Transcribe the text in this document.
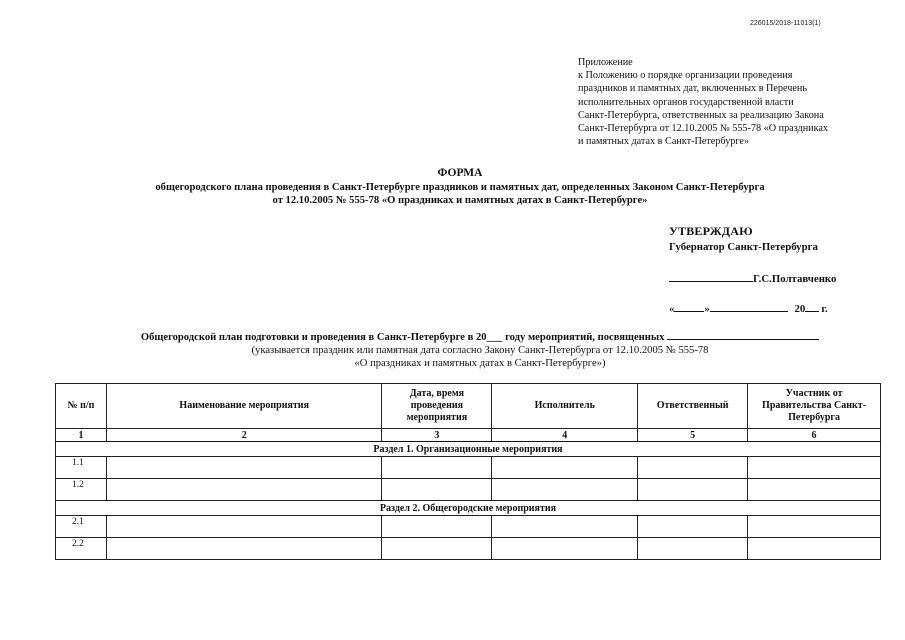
226015/2018-11013(1)
Приложение
к Положению о порядке организации проведения
праздников и памятных дат, включенных в Перечень
исполнительных органов государственной власти
Санкт-Петербурга, ответственных за реализацию Закона
Санкт-Петербурга от 12.10.2005 № 555-78 «О праздниках
и памятных датах в Санкт-Петербурге»
ФОРМА
общегородского плана проведения в Санкт-Петербурге праздников и памятных дат, определенных Законом Санкт-Петербурга
от 12.10.2005 № 555-78 «О праздниках и памятных датах в Санкт-Петербурге»
УТВЕРЖДАЮ
Губернатор Санкт-Петербурга
Г.С.Полтавченко
«	»	20 г.
Общегородской план подготовки и проведения в Санкт-Петербурге в 20___ году мероприятий, посвященных
(указывается праздник или памятная дата согласно Закону Санкт-Петербурга от 12.10.2005 № 555-78
«О праздниках и памятных датах в Санкт-Петербурге»)
№ п/п	Наименование мероприятия	Дата, время проведения мероприятия	Исполнитель	Ответственный	Участник от Правительства Санкт-Петербурга
1	2	3	4	5	6
Раздел 1. Организационные мероприятия					
1.1					
1.2					
Раздел 2. Общегородские мероприятия					
2.1					
2.2					
